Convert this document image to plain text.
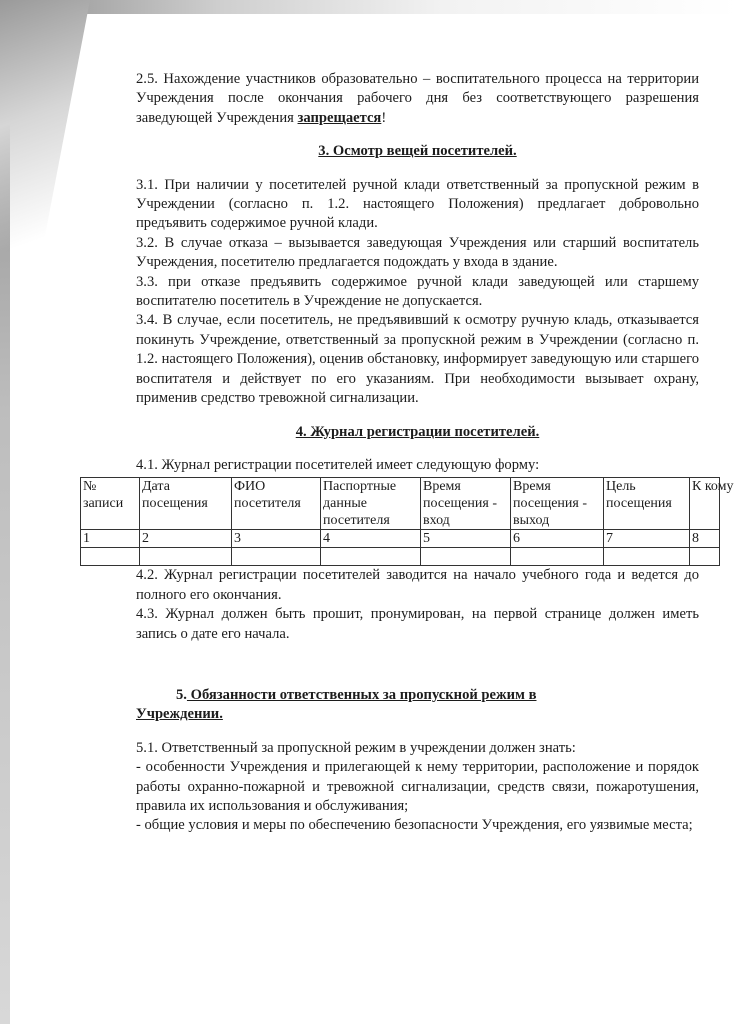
2.5. Нахождение участников образовательно – воспитательного процесса на территории Учреждения после окончания рабочего дня без соответствующего разрешения заведующей Учреждения запрещается!

3. Осмотр вещей посетителей.

3.1. При наличии у посетителей ручной клади ответственный за пропускной режим в Учреждении (согласно п. 1.2. настоящего Положения) предлагает добровольно предъявить содержимое ручной клади.

3.2. В случае отказа – вызывается заведующая Учреждения или старший воспитатель Учреждения, посетителю предлагается подождать у входа в здание.

3.3. при отказе предъявить содержимое ручной клади заведующей или старшему воспитателю посетитель в Учреждение не допускается.

3.4. В случае, если посетитель, не предъявивший к осмотру ручную кладь, отказывается покинуть Учреждение, ответственный за пропускной режим в Учреждении (согласно п. 1.2. настоящего Положения), оценив обстановку, информирует заведующую или старшего воспитателя и действует по его указаниям. При необходимости вызывает охрану, применив средство тревожной сигнализации.

4. Журнал регистрации посетителей.

4.1. Журнал регистрации посетителей имеет следующую форму:

№ записи	Дата посещения	ФИО посетителя	Паспортные данные посетителя	Время посещения - вход	Время посещения - выход	Цель посещения	К кому
1	2	3	4	5	6	7	8

4.2. Журнал регистрации посетителей заводится на начало учебного года и ведется до полного его окончания.

4.3. Журнал должен быть прошит, пронумирован, на первой странице должен иметь запись о дате его начала.

5. Обязанности ответственных за пропускной режим в
Учреждении.

5.1. Ответственный за пропускной режим в учреждении должен знать:

- особенности Учреждения и прилегающей к нему территории, расположение и порядок работы охранно-пожарной и тревожной сигнализации, средств связи, пожаротушения, правила их использования и обслуживания;

- общие условия и меры по обеспечению безопасности Учреждения, его уязвимые места;
